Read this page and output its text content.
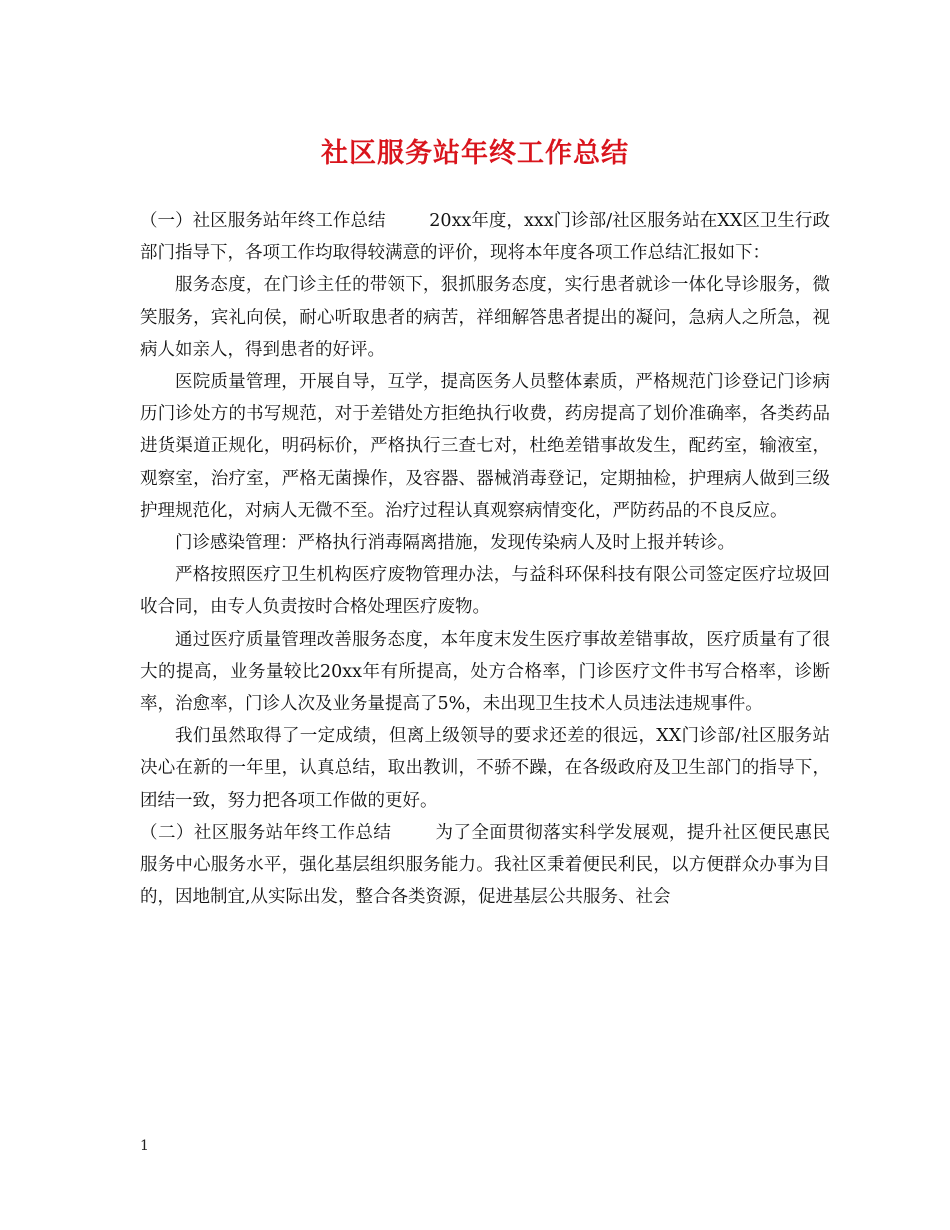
社区服务站年终工作总结

（一）社区服务站年终工作总结	20xx年度，xxx门诊部/社区服务站在XX区卫生行政部门指导下，各项工作均取得较满意的评价，现将本年度各项工作总结汇报如下：

服务态度，在门诊主任的带领下，狠抓服务态度，实行患者就诊一体化导诊服务，微笑服务，宾礼向侯，耐心听取患者的病苦，祥细解答患者提出的凝问，急病人之所急，视病人如亲人，得到患者的好评。

医院质量管理，开展自导，互学，提高医务人员整体素质，严格规范门诊登记门诊病历门诊处方的书写规范，对于差错处方拒绝执行收费，药房提高了划价准确率，各类药品进货渠道正规化，明码标价，严格执行三查七对，杜绝差错事故发生，配药室，输液室，观察室，治疗室，严格无菌操作，及容器、器械消毒登记，定期抽检，护理病人做到三级护理规范化，对病人无微不至。治疗过程认真观察病情变化，严防药品的不良反应。

门诊感染管理：严格执行消毒隔离措施，发现传染病人及时上报并转诊。

严格按照医疗卫生机构医疗废物管理办法，与益科环保科技有限公司签定医疗垃圾回收合同，由专人负责按时合格处理医疗废物。

通过医疗质量管理改善服务态度，本年度末发生医疗事故差错事故，医疗质量有了很大的提高，业务量较比20xx年有所提高，处方合格率，门诊医疗文件书写合格率，诊断率，治愈率，门诊人次及业务量提高了5%，未出现卫生技术人员违法违规事件。

我们虽然取得了一定成绩，但离上级领导的要求还差的很远，XX门诊部/社区服务站决心在新的一年里，认真总结，取出教训，不骄不躁，在各级政府及卫生部门的指导下，团结一致，努力把各项工作做的更好。

（二）社区服务站年终工作总结	为了全面贯彻落实科学发展观，提升社区便民惠民服务中心服务水平，强化基层组织服务能力。我社区秉着便民利民，以方便群众办事为目的，因地制宜,从实际出发，整合各类资源，促进基层公共服务、社会

1
